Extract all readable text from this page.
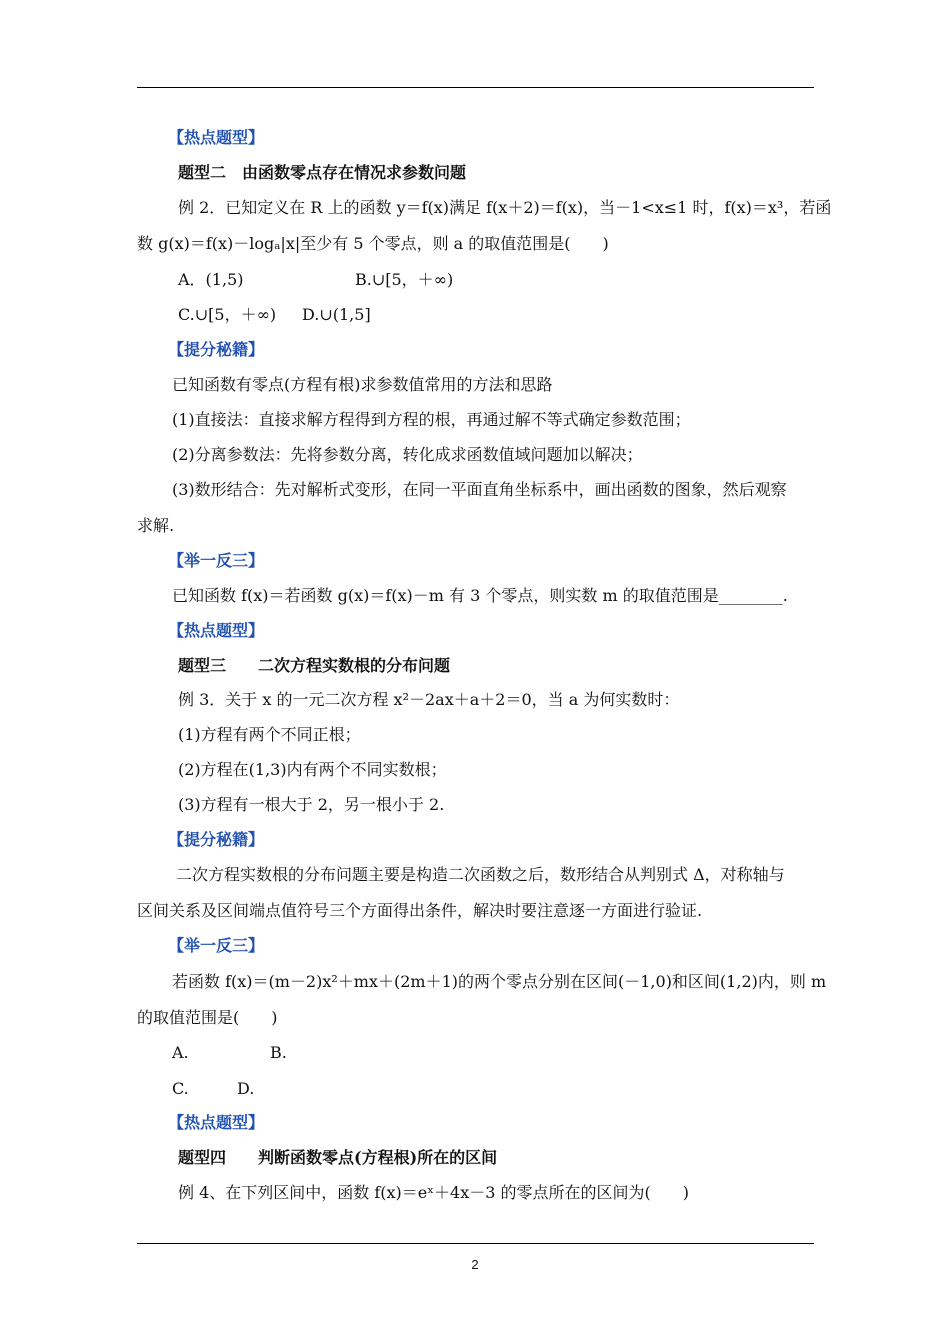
【热点题型】
题型二　由函数零点存在情况求参数问题
例 2．已知定义在 R 上的函数 y＝f(x)满足 f(x＋2)＝f(x)，当－1<x≤1 时，f(x)＝x³，若函
数 g(x)＝f(x)－logₐ|x|至少有 5 个零点，则 a 的取值范围是(　　)
A．(1,5)	B.∪[5，＋∞)
C.∪[5，＋∞) D.∪(1,5]
【提分秘籍】
已知函数有零点(方程有根)求参数值常用的方法和思路
(1)直接法：直接求解方程得到方程的根，再通过解不等式确定参数范围；
(2)分离参数法：先将参数分离，转化成求函数值域问题加以解决；
(3)数形结合：先对解析式变形，在同一平面直角坐标系中，画出函数的图象，然后观察
求解.
【举一反三】
已知函数 f(x)＝若函数 g(x)＝f(x)－m 有 3 个零点，则实数 m 的取值范围是________.
【热点题型】
题型三　　二次方程实数根的分布问题
例 3．关于 x 的一元二次方程 x²－2ax＋a＋2＝0，当 a 为何实数时：
(1)方程有两个不同正根；
(2)方程在(1,3)内有两个不同实数根；
(3)方程有一根大于 2，另一根小于 2.
【提分秘籍】
二次方程实数根的分布问题主要是构造二次函数之后，数形结合从判别式 Δ，对称轴与
区间关系及区间端点值符号三个方面得出条件，解决时要注意逐一方面进行验证.
【举一反三】
若函数 f(x)＝(m－2)x²＋mx＋(2m＋1)的两个零点分别在区间(－1,0)和区间(1,2)内，则 m
的取值范围是(　　)
A.	B.
C.	D.
【热点题型】
题型四　　判断函数零点(方程根)所在的区间
例 4、在下列区间中，函数 f(x)＝eˣ＋4x－3 的零点所在的区间为(　　)
2
